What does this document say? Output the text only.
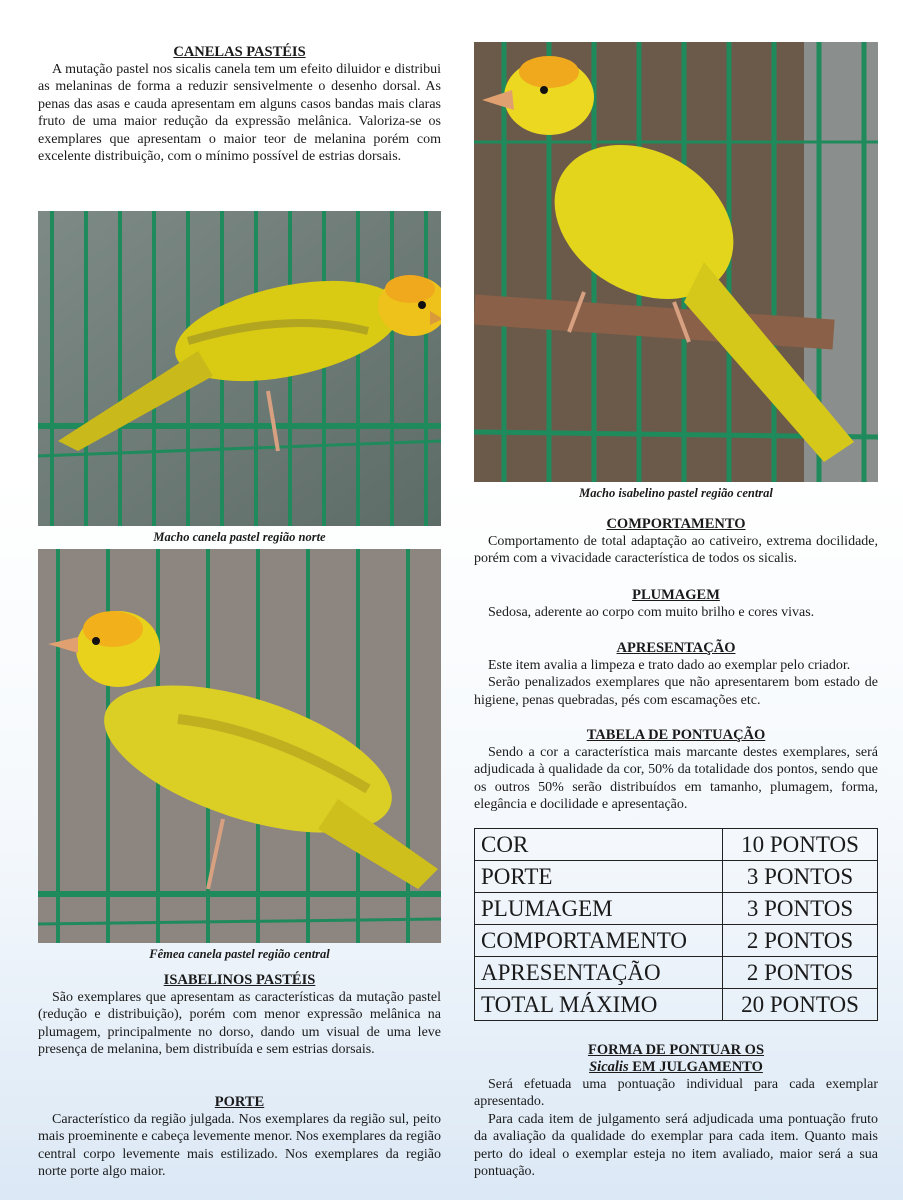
CANELAS PASTÉIS
A mutação pastel nos sicalis canela tem um efeito diluidor e distribui as melaninas de forma a reduzir sensivelmente o desenho dorsal. As penas das asas e cauda apresentam em alguns casos bandas mais claras fruto de uma maior redução da expressão melânica. Valoriza-se os exemplares que apresentam o maior teor de melanina porém com excelente distribuição, com o mínimo possível de estrias dorsais.
Macho canela pastel região norte
Fêmea canela pastel região central
ISABELINOS PASTÉIS
São exemplares que apresentam as características da mutação pastel (redução e distribuição), porém com menor expressão melânica na plumagem, principalmente no dorso, dando um visual de uma leve presença de melanina, bem distribuída e sem estrias dorsais.
PORTE
Característico da região julgada. Nos exemplares da região sul, peito mais proeminente e cabeça levemente menor. Nos exemplares da região central corpo levemente mais estilizado. Nos exemplares da região norte porte algo maior.
Macho isabelino pastel região central
COMPORTAMENTO
Comportamento de total adaptação ao cativeiro, extrema docilidade, porém com a vivacidade característica de todos os sicalis.
PLUMAGEM
Sedosa, aderente ao corpo com muito brilho e cores vivas.
APRESENTAÇÃO

Este item avalia a limpeza e trato dado ao exemplar pelo criador.

Serão penalizados exemplares que não apresentarem bom estado de higiene, penas quebradas, pés com escamações etc.

TABELA DE PONTUAÇÃO
Sendo a cor a característica mais marcante destes exemplares, será adjudicada à qualidade da cor, 50% da totalidade dos pontos, sendo que os outros 50% serão distribuídos em tamanho, plumagem, forma, elegância e docilidade e apresentação.
COR	10 PONTOS
PORTE	3 PONTOS
PLUMAGEM	3 PONTOS
COMPORTAMENTO	2 PONTOS
APRESENTAÇÃO	2 PONTOS
TOTAL MÁXIMO	20 PONTOS
FORMA DE PONTUAR OS
Sicalis EM JULGAMENTO

Será efetuada uma pontuação individual para cada exemplar apresentado.

Para cada item de julgamento será adjudicada uma pontuação fruto da avaliação da qualidade do exemplar para cada item. Quanto mais perto do ideal o exemplar esteja no item avaliado, maior será a sua pontuação.
